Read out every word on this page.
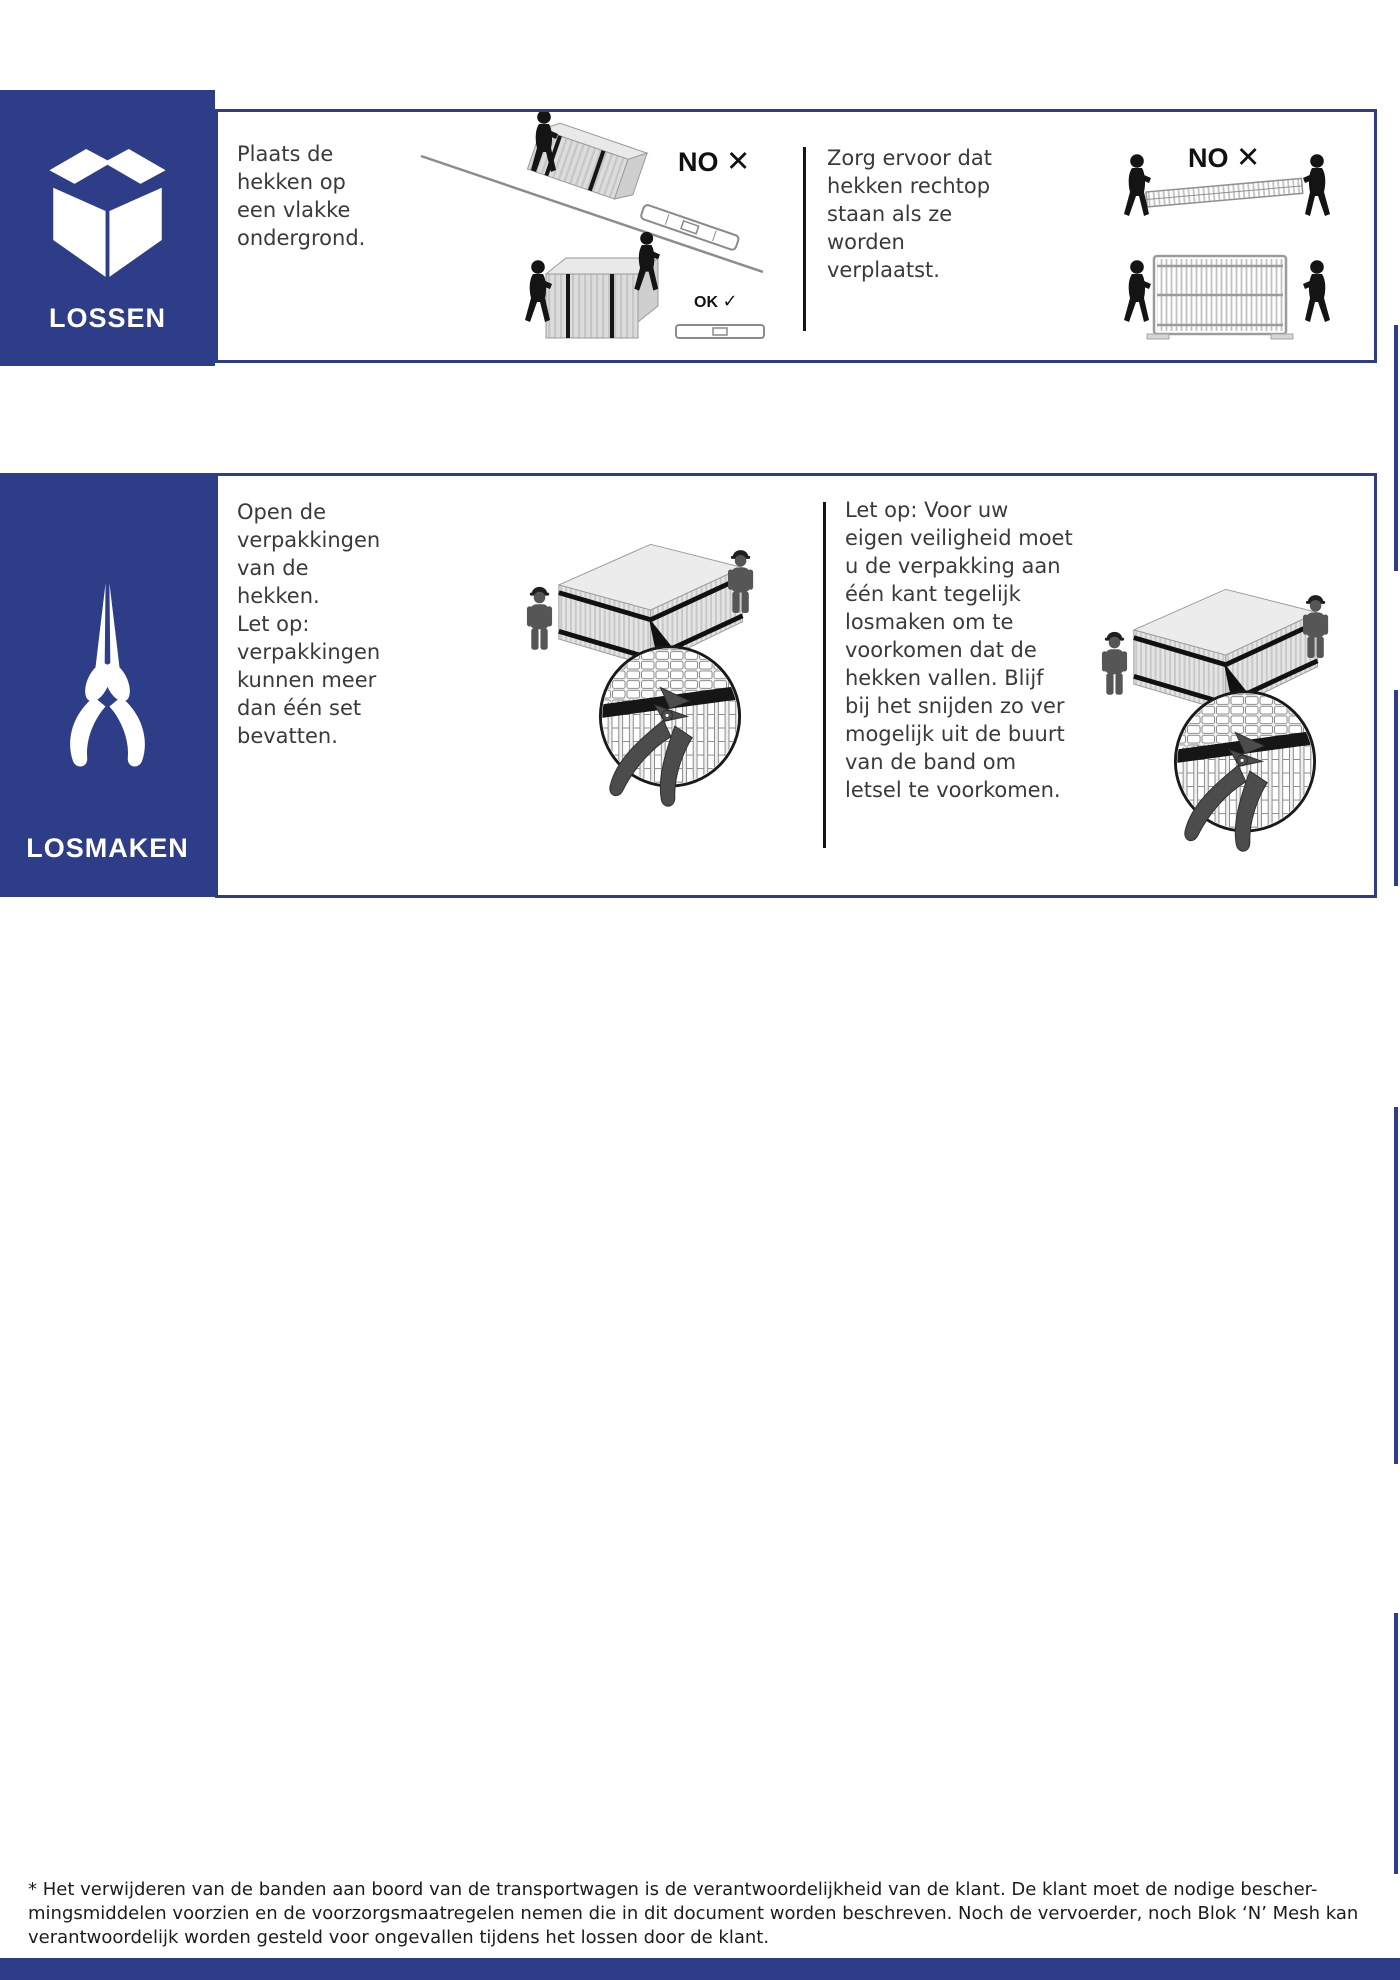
LOSSEN
Plaats de hekken op een vlakke ondergrond.
NO ✕
OK ✓
Zorg ervoor dat hekken rechtop staan als ze worden verplaatst.
NO ✕
LOSMAKEN

Open de verpakkingen van de hekken.

Let op: verpakkingen kunnen meer dan één set bevatten.

Let op: Voor uw eigen veiligheid moet u de verpakking aan één kant tegelijk losmaken om te voorkomen dat de hekken vallen. Blijf bij het snijden zo ver mogelijk uit de buurt van de band om letsel te voorkomen.
* Het verwijderen van de banden aan boord van de transportwagen is de verantwoordelijkheid van de klant. De klant moet de nodige bescher-
mingsmiddelen voorzien en de voorzorgsmaatregelen nemen die in dit document worden beschreven. Noch de vervoerder, noch Blok ‘N’ Mesh kan
verantwoordelijk worden gesteld voor ongevallen tijdens het lossen door de klant.
